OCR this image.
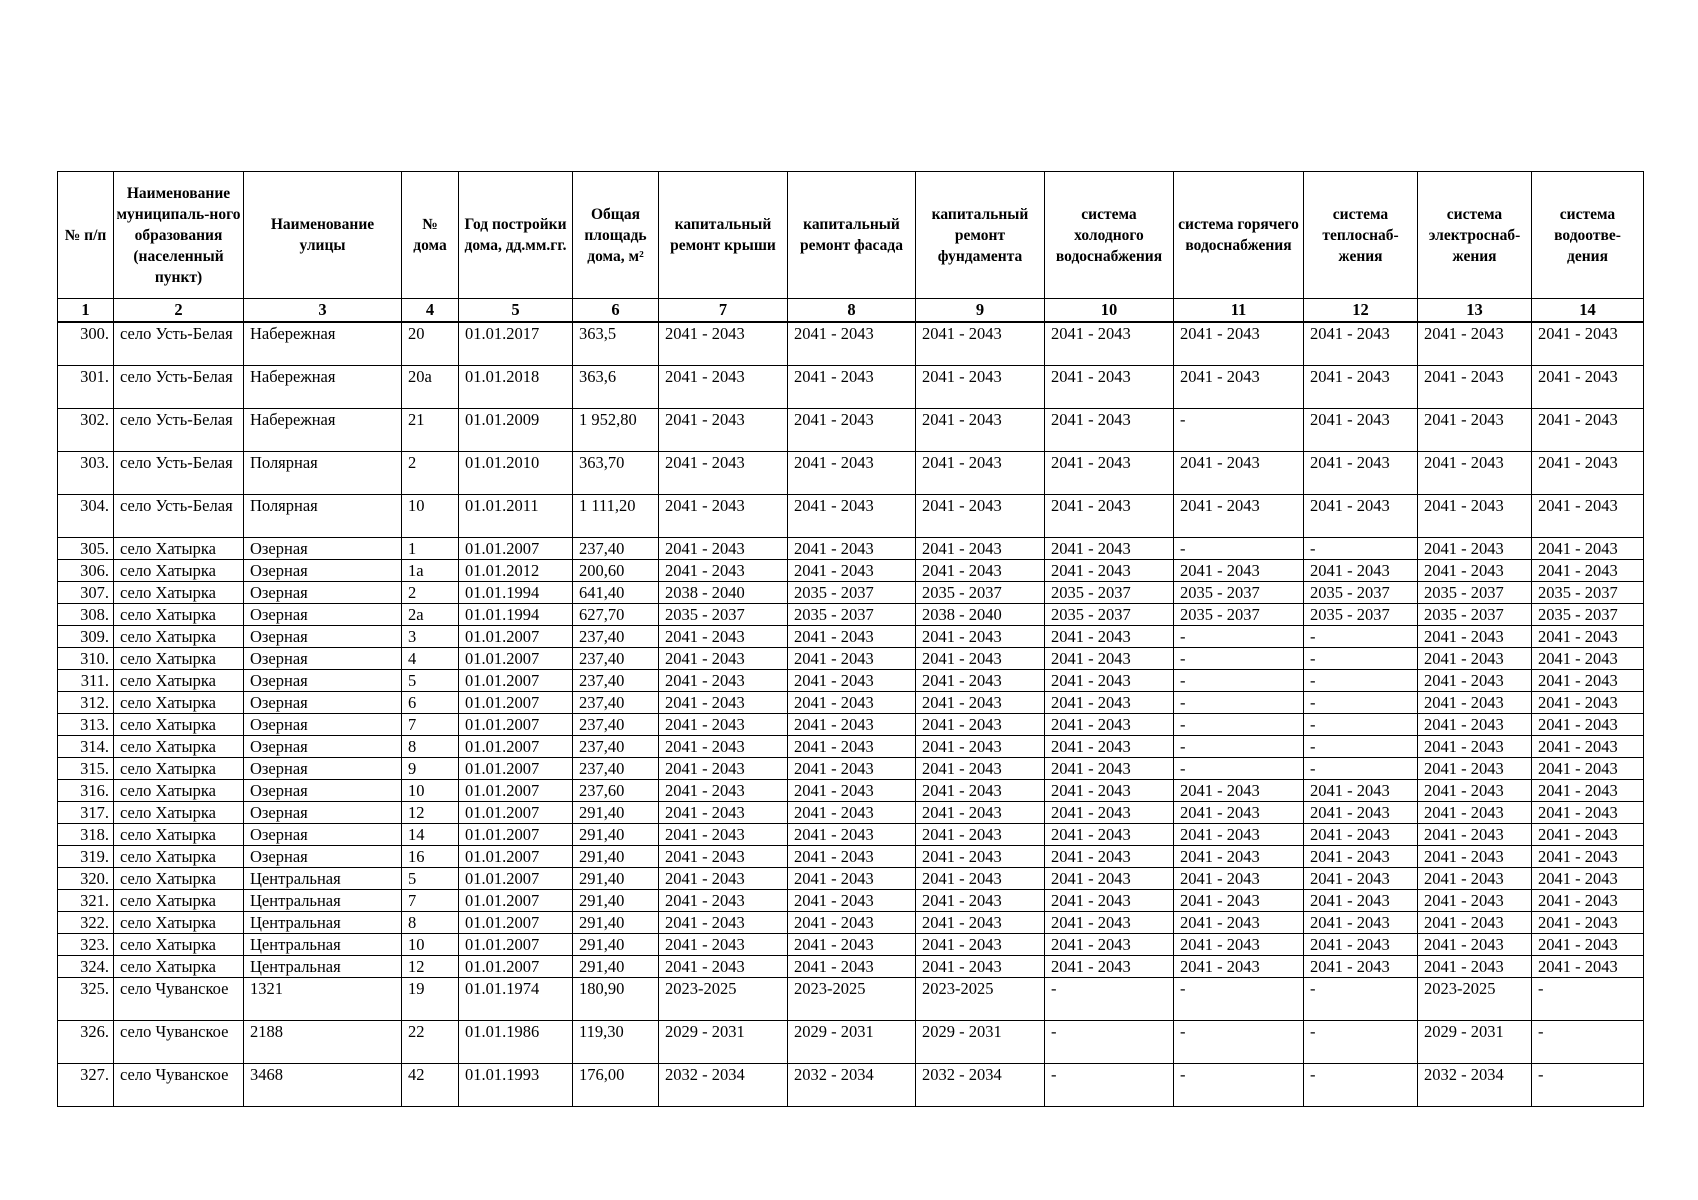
№ п/п	Наименование муниципаль-ного образования (населенный пункт)	Наименование улицы	№ дома	Год постройки дома, дд.мм.гг.	Общая площадь дома, м²	капитальный ремонт крыши	капитальный ремонт фасада	капитальный ремонт фундамента	система холодного водоснабжения	система горячего водоснабжения	система теплоснаб-жения	система электроснаб-жения	система водоотве-дения
1	2	3	4	5	6	7	8	9	10	11	12	13	14
300.	село Усть-Белая	Набережная	20	01.01.2017	363,5	2041 - 2043	2041 - 2043	2041 - 2043	2041 - 2043	2041 - 2043	2041 - 2043	2041 - 2043	2041 - 2043
301.	село Усть-Белая	Набережная	20а	01.01.2018	363,6	2041 - 2043	2041 - 2043	2041 - 2043	2041 - 2043	2041 - 2043	2041 - 2043	2041 - 2043	2041 - 2043
302.	село Усть-Белая	Набережная	21	01.01.2009	1 952,80	2041 - 2043	2041 - 2043	2041 - 2043	2041 - 2043	-	2041 - 2043	2041 - 2043	2041 - 2043
303.	село Усть-Белая	Полярная	2	01.01.2010	363,70	2041 - 2043	2041 - 2043	2041 - 2043	2041 - 2043	2041 - 2043	2041 - 2043	2041 - 2043	2041 - 2043
304.	село Усть-Белая	Полярная	10	01.01.2011	1 111,20	2041 - 2043	2041 - 2043	2041 - 2043	2041 - 2043	2041 - 2043	2041 - 2043	2041 - 2043	2041 - 2043
305.	село Хатырка	Озерная	1	01.01.2007	237,40	2041 - 2043	2041 - 2043	2041 - 2043	2041 - 2043	-	-	2041 - 2043	2041 - 2043
306.	село Хатырка	Озерная	1а	01.01.2012	200,60	2041 - 2043	2041 - 2043	2041 - 2043	2041 - 2043	2041 - 2043	2041 - 2043	2041 - 2043	2041 - 2043
307.	село Хатырка	Озерная	2	01.01.1994	641,40	2038 - 2040	2035 - 2037	2035 - 2037	2035 - 2037	2035 - 2037	2035 - 2037	2035 - 2037	2035 - 2037
308.	село Хатырка	Озерная	2а	01.01.1994	627,70	2035 - 2037	2035 - 2037	2038 - 2040	2035 - 2037	2035 - 2037	2035 - 2037	2035 - 2037	2035 - 2037
309.	село Хатырка	Озерная	3	01.01.2007	237,40	2041 - 2043	2041 - 2043	2041 - 2043	2041 - 2043	-	-	2041 - 2043	2041 - 2043
310.	село Хатырка	Озерная	4	01.01.2007	237,40	2041 - 2043	2041 - 2043	2041 - 2043	2041 - 2043	-	-	2041 - 2043	2041 - 2043
311.	село Хатырка	Озерная	5	01.01.2007	237,40	2041 - 2043	2041 - 2043	2041 - 2043	2041 - 2043	-	-	2041 - 2043	2041 - 2043
312.	село Хатырка	Озерная	6	01.01.2007	237,40	2041 - 2043	2041 - 2043	2041 - 2043	2041 - 2043	-	-	2041 - 2043	2041 - 2043
313.	село Хатырка	Озерная	7	01.01.2007	237,40	2041 - 2043	2041 - 2043	2041 - 2043	2041 - 2043	-	-	2041 - 2043	2041 - 2043
314.	село Хатырка	Озерная	8	01.01.2007	237,40	2041 - 2043	2041 - 2043	2041 - 2043	2041 - 2043	-	-	2041 - 2043	2041 - 2043
315.	село Хатырка	Озерная	9	01.01.2007	237,40	2041 - 2043	2041 - 2043	2041 - 2043	2041 - 2043	-	-	2041 - 2043	2041 - 2043
316.	село Хатырка	Озерная	10	01.01.2007	237,60	2041 - 2043	2041 - 2043	2041 - 2043	2041 - 2043	2041 - 2043	2041 - 2043	2041 - 2043	2041 - 2043
317.	село Хатырка	Озерная	12	01.01.2007	291,40	2041 - 2043	2041 - 2043	2041 - 2043	2041 - 2043	2041 - 2043	2041 - 2043	2041 - 2043	2041 - 2043
318.	село Хатырка	Озерная	14	01.01.2007	291,40	2041 - 2043	2041 - 2043	2041 - 2043	2041 - 2043	2041 - 2043	2041 - 2043	2041 - 2043	2041 - 2043
319.	село Хатырка	Озерная	16	01.01.2007	291,40	2041 - 2043	2041 - 2043	2041 - 2043	2041 - 2043	2041 - 2043	2041 - 2043	2041 - 2043	2041 - 2043
320.	село Хатырка	Центральная	5	01.01.2007	291,40	2041 - 2043	2041 - 2043	2041 - 2043	2041 - 2043	2041 - 2043	2041 - 2043	2041 - 2043	2041 - 2043
321.	село Хатырка	Центральная	7	01.01.2007	291,40	2041 - 2043	2041 - 2043	2041 - 2043	2041 - 2043	2041 - 2043	2041 - 2043	2041 - 2043	2041 - 2043
322.	село Хатырка	Центральная	8	01.01.2007	291,40	2041 - 2043	2041 - 2043	2041 - 2043	2041 - 2043	2041 - 2043	2041 - 2043	2041 - 2043	2041 - 2043
323.	село Хатырка	Центральная	10	01.01.2007	291,40	2041 - 2043	2041 - 2043	2041 - 2043	2041 - 2043	2041 - 2043	2041 - 2043	2041 - 2043	2041 - 2043
324.	село Хатырка	Центральная	12	01.01.2007	291,40	2041 - 2043	2041 - 2043	2041 - 2043	2041 - 2043	2041 - 2043	2041 - 2043	2041 - 2043	2041 - 2043
325.	село Чуванское	1321	19	01.01.1974	180,90	2023-2025	2023-2025	2023-2025	-	-	-	2023-2025	-
326.	село Чуванское	2188	22	01.01.1986	119,30	2029 - 2031	2029 - 2031	2029 - 2031	-	-	-	2029 - 2031	-
327.	село Чуванское	3468	42	01.01.1993	176,00	2032 - 2034	2032 - 2034	2032 - 2034	-	-	-	2032 - 2034	-
